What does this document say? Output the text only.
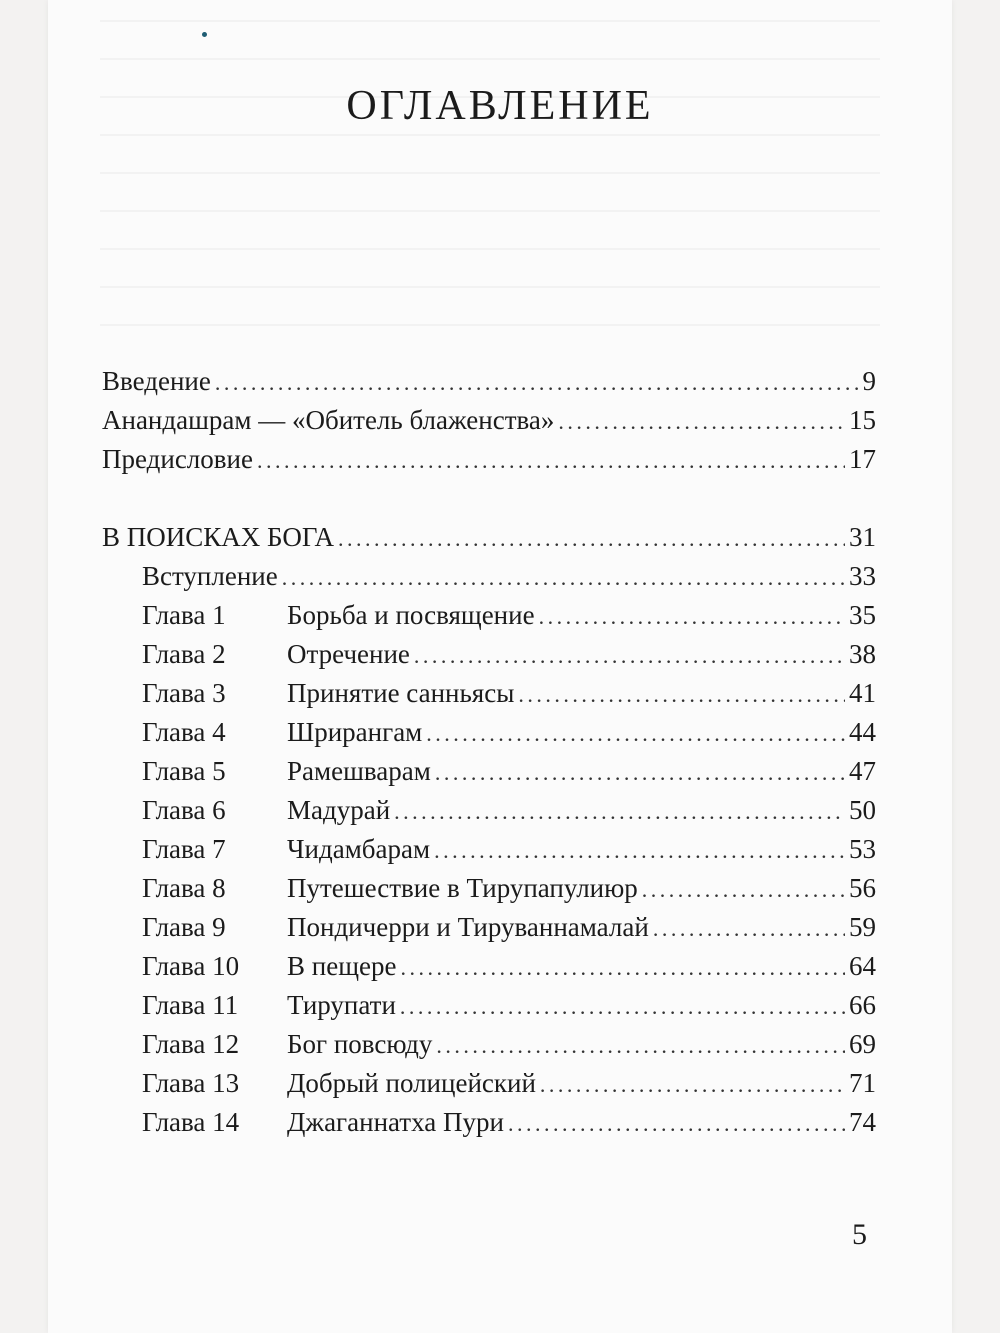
ОГЛАВЛЕНИЕ
Введение . . .	9
Анандашрам — «Обитель блаженства» . . .	15
Предисловие . . .	17
В ПОИСКАХ БОГА . . .	31
Вступление . . .	33
Глава 1	Борьба и посвящение . . .	35
Глава 2	Отречение . . .	38
Глава 3	Принятие санньясы . . .	41
Глава 4	Шрирангам . . .	44
Глава 5	Рамешварам . . .	47
Глава 6	Мадурай . . .	50
Глава 7	Чидамбарам . . .	53
Глава 8	Путешествие в Тирупапулиюр . . .	56
Глава 9	Пондичерри и Тируваннамалай . . .	59
Глава 10	В пещере . . .	64
Глава 11	Тирупати . . .	66
Глава 12	Бог повсюду . . .	69
Глава 13	Добрый полицейский . . .	71
Глава 14	Джаганнатха Пури . . .	74
5
